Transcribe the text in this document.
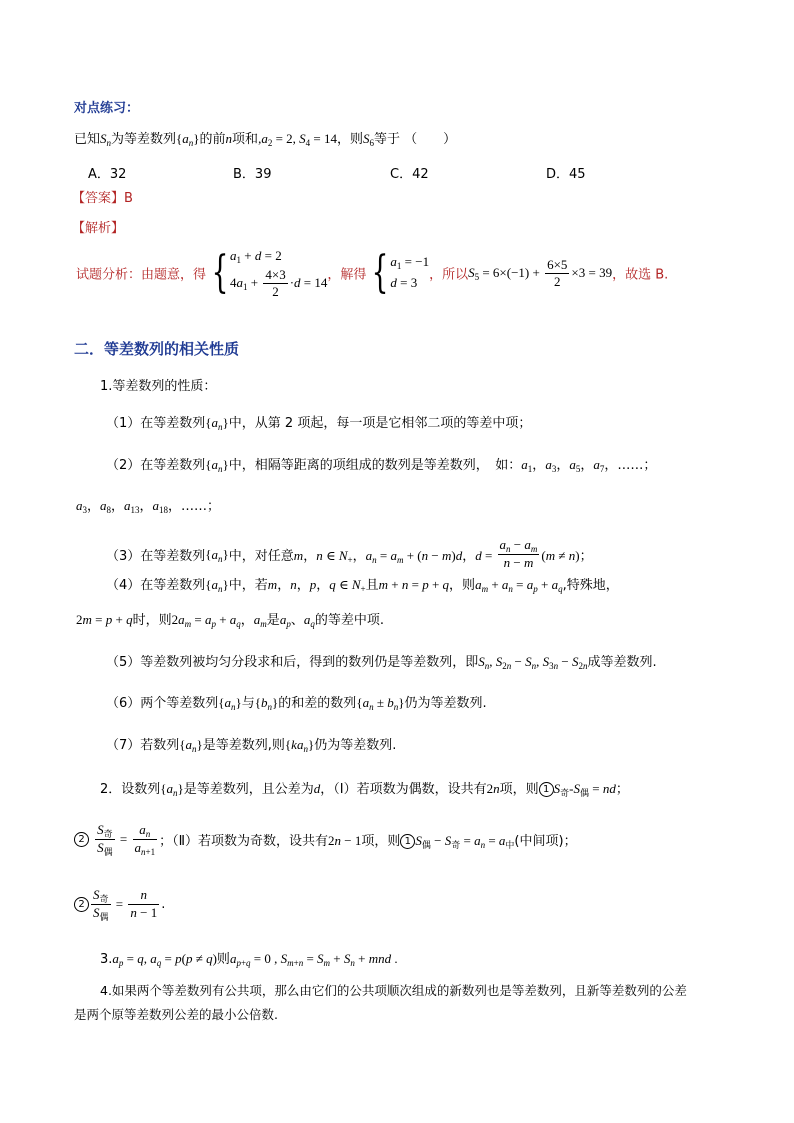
对点练习：
已知$S_n$为等差数列$\{a_n\}$的前n项和$,a_2 = 2$, $S_4 = 14$，则$S_6$等于 （　　）
A．32	B．39	C．42	D．45
【答案】B
【解析】
试题分析：由题意，得 { $a_1 + d = 2$
$4a_1 + \frac{4\times 3}{2} \cdot d = 14$ ，解得 { $a_1 = -1$
d = 3 ，所以$S_5 = 6\times(-1) + \frac{6\times 5}{2} \times 3 = 39$，故选 B.
二．等差数列的相关性质
1.等差数列的性质：
（1）在等差数列$\{a_n\}$中，从第 2 项起，每一项是它相邻二项的等差中项；
（2）在等差数列$\{a_n\}$中，相隔等距离的项组成的数列是等差数列，　如：$a_1$，$a_3$，$a_5$，$a_7$，……；
$a_3$，$a_8$，$a_{13}$，$a_{18}$，……；
（3）在等差数列$\{a_n\}$中，对任意m，n ∈ $N_+$，$a_n = a_m + (n - m)d$，$d = \frac{a_n - a_m}{n - m} (m \ne n)$；
（4）在等差数列$\{a_n\}$中，若m，n，p，q ∈ $N_+$且m + n = p + q，则$a_m + a_n = a_p + a_q$,特殊地，
2m = p + q时，则$2a_m = a_p + a_q$，$a_m$是$a_p$、$a_q$的等差中项.
（5）等差数列被均匀分段求和后，得到的数列仍是等差数列，即$S_n$, $S_{2n} - S_n$, $S_{3n} - S_{2n}$成等差数列.
（6）两个等差数列$\{a_n\}$与$\{b_n\}$的和差的数列$\{a_n \pm b_n\}$仍为等差数列.
（7）若数列$\{a_n\}$是等差数列,则$\{ka_n\}$仍为等差数列.
2．设数列$\{a_n\}$是等差数列，且公差为d，（Ⅰ）若项数为偶数，设共有2n项，则 1 $S_奇-S_偶$ = nd；
$2 \frac{S_奇}{S_偶} = \frac{a_n}{a_{n+1}}$ ；（Ⅱ）若项数为奇数，设共有2n − 1项，则 1 $S_偶 - S_奇 = a_n = a_中$(中间项)；
$2 \frac{S_奇}{S_偶} = \frac{n}{n - 1}$ .
$3.a_p = q$, $a_q = p(p \ne q)$则$a_{p+q} = 0$ , $S_{m+n} = S_m + S_n$ + mnd .
4.如果两个等差数列有公共项，那么由它们的公共项顺次组成的新数列也是等差数列，且新等差数列的公差
是两个原等差数列公差的最小公倍数.
